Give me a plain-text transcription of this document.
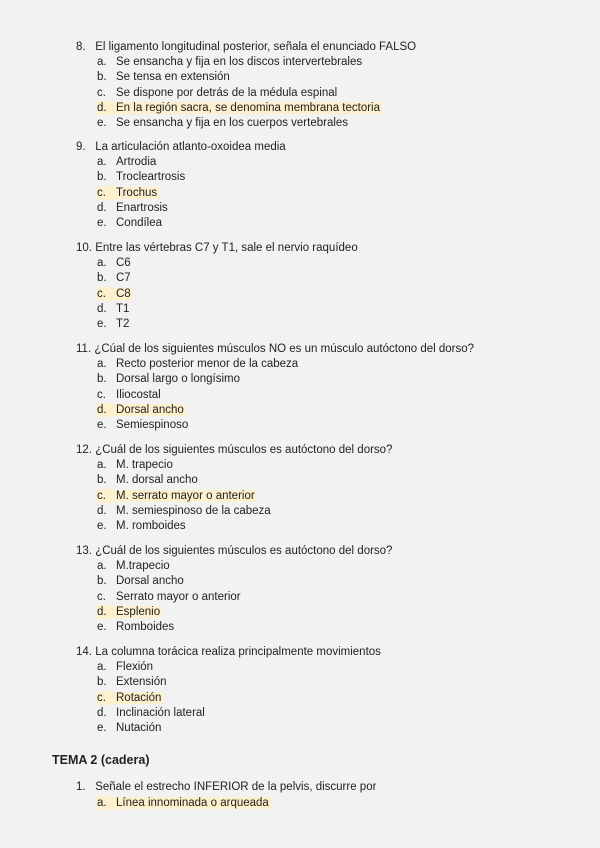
8. El ligamento longitudinal posterior, señala el enunciado FALSO
a. Se ensancha y fija en los discos intervertebrales
b. Se tensa en extensión
c. Se dispone por detrás de la médula espinal
d. En la región sacra, se denomina membrana tectoria
e. Se ensancha y fija en los cuerpos vertebrales
9. La articulación atlanto-oxoidea media
a. Artrodia
b. Trocleartrosis
c. Trochus
d. Enartrosis
e. Condílea
10. Entre las vértebras C7 y T1, sale el nervio raquídeo
a. C6
b. C7
c. C8
d. T1
e. T2
11. ¿Cúal de los siguientes músculos NO es un músculo autóctono del dorso?
a. Recto posterior menor de la cabeza
b. Dorsal largo o longísimo
c. Iliocostal
d. Dorsal ancho
e. Semiespinoso
12. ¿Cuál de los siguientes músculos es autóctono del dorso?
a. M. trapecio
b. M. dorsal ancho
c. M. serrato mayor o anterior
d. M. semiespinoso de la cabeza
e. M. romboides
13. ¿Cuál de los siguientes músculos es autóctono del dorso?
a. M.trapecio
b. Dorsal ancho
c. Serrato mayor o anterior
d. Esplenio
e. Romboides
14. La columna torácica realiza principalmente movimientos
a. Flexión
b. Extensión
c. Rotación
d. Inclinación lateral
e. Nutación
TEMA 2 (cadera)
1. Señale el estrecho INFERIOR de la pelvis, discurre por
a. Línea innominada o arqueada
